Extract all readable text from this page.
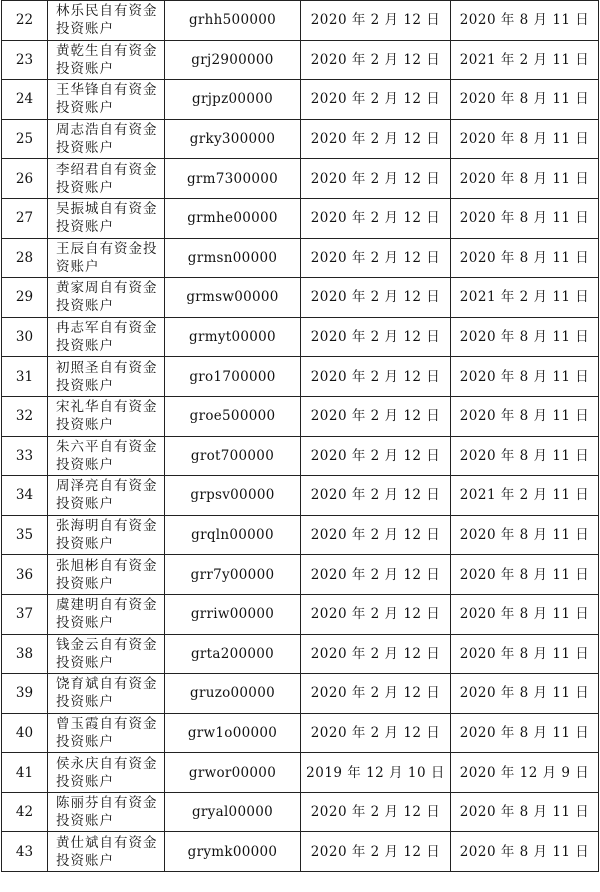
22	林乐民自有资金投资账户	grhh500000	2020 年 2 月 12 日	2020 年 8 月 11 日
23	黄乾生自有资金投资账户	grj2900000	2020 年 2 月 12 日	2021 年 2 月 11 日
24	王华锋自有资金投资账户	grjpz00000	2020 年 2 月 12 日	2020 年 8 月 11 日
25	周志浩自有资金投资账户	grky300000	2020 年 2 月 12 日	2020 年 8 月 11 日
26	李绍君自有资金投资账户	grm7300000	2020 年 2 月 12 日	2020 年 8 月 11 日
27	吴振城自有资金投资账户	grmhe00000	2020 年 2 月 12 日	2020 年 8 月 11 日
28	王辰自有资金投资账户	grmsn00000	2020 年 2 月 12 日	2020 年 8 月 11 日
29	黄家周自有资金投资账户	grmsw00000	2020 年 2 月 12 日	2021 年 2 月 11 日
30	冉志军自有资金投资账户	grmyt00000	2020 年 2 月 12 日	2020 年 8 月 11 日
31	初照圣自有资金投资账户	gro1700000	2020 年 2 月 12 日	2020 年 8 月 11 日
32	宋礼华自有资金投资账户	groe500000	2020 年 2 月 12 日	2020 年 8 月 11 日
33	朱六平自有资金投资账户	grot700000	2020 年 2 月 12 日	2020 年 8 月 11 日
34	周泽亮自有资金投资账户	grpsv00000	2020 年 2 月 12 日	2021 年 2 月 11 日
35	张海明自有资金投资账户	grqln00000	2020 年 2 月 12 日	2020 年 8 月 11 日
36	张旭彬自有资金投资账户	grr7y00000	2020 年 2 月 12 日	2020 年 8 月 11 日
37	虞建明自有资金投资账户	grriw00000	2020 年 2 月 12 日	2020 年 8 月 11 日
38	钱金云自有资金投资账户	grta200000	2020 年 2 月 12 日	2020 年 8 月 11 日
39	饶育斌自有资金投资账户	gruzo00000	2020 年 2 月 12 日	2020 年 8 月 11 日
40	曾玉霞自有资金投资账户	grw1o00000	2020 年 2 月 12 日	2020 年 8 月 11 日
41	侯永庆自有资金投资账户	grwor00000	2019 年 12 月 10 日	2020 年 12 月 9 日
42	陈丽芬自有资金投资账户	gryal00000	2020 年 2 月 12 日	2020 年 8 月 11 日
43	黄仕斌自有资金投资账户	grymk00000	2020 年 2 月 12 日	2020 年 8 月 11 日
